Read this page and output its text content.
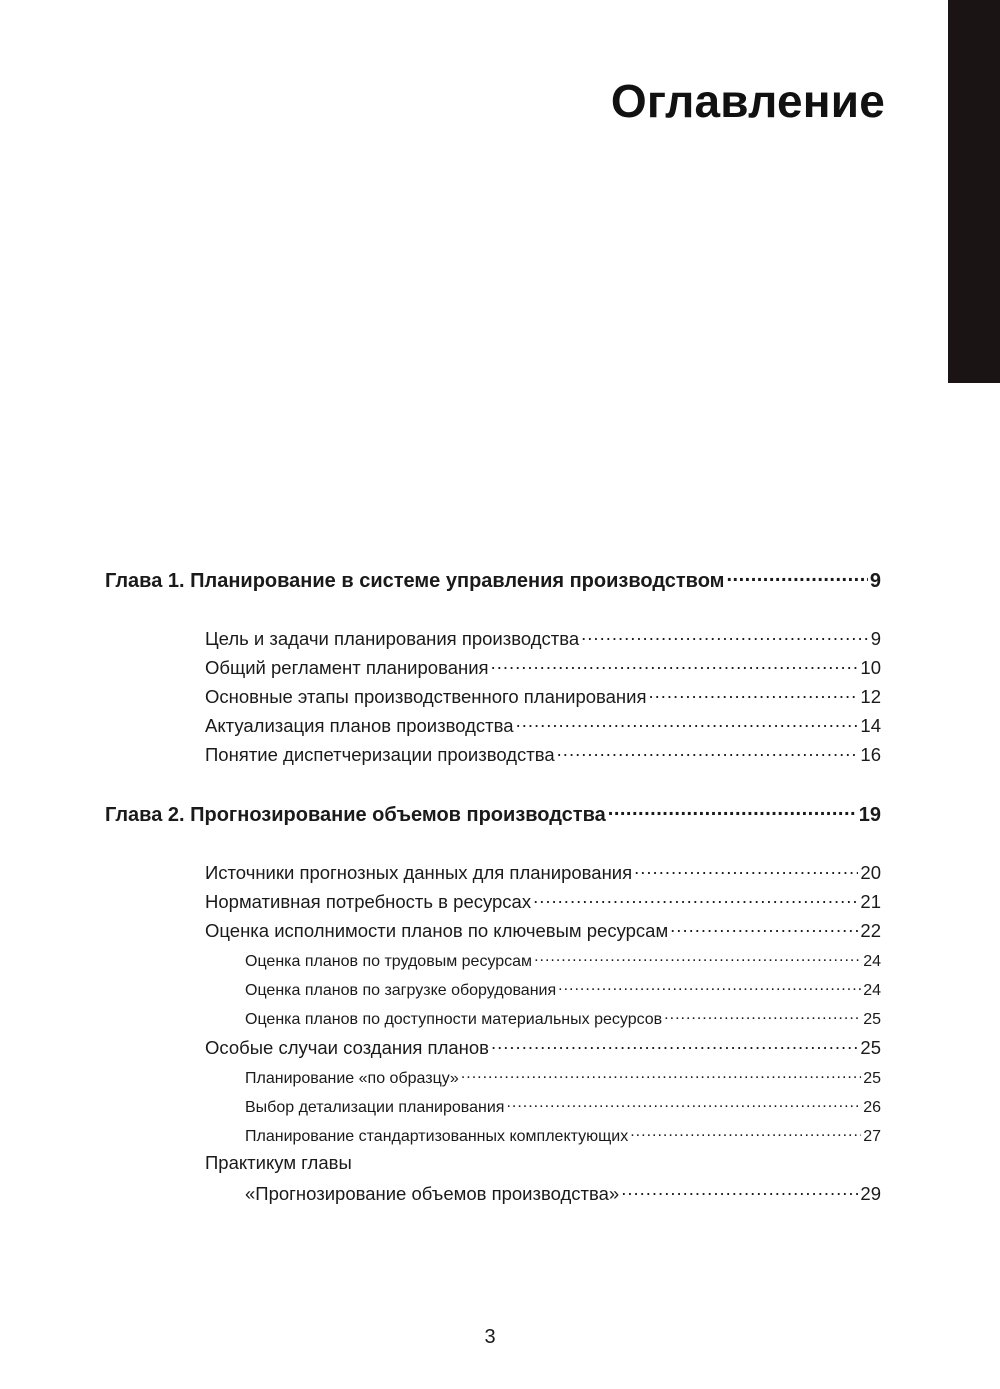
Оглавление
Глава 1. Планирование в системе управления производством .....	9
Цель и задачи планирования производства .....	9
Общий регламент планирования .....	10
Основные этапы производственного планирования .....	12
Актуализация планов производства .....	14
Понятие диспетчеризации производства .....	16
Глава 2. Прогнозирование объемов производства .....	19
Источники прогнозных данных для планирования .....	20
Нормативная потребность в ресурсах .....	21
Оценка исполнимости планов по ключевым ресурсам .....	22
Оценка планов по трудовым ресурсам .....	24
Оценка планов по загрузке оборудования .....	24
Оценка планов по доступности материальных ресурсов .....	25
Особые случаи создания планов .....	25
Планирование «по образцу» .....	25
Выбор детализации планирования .....	26
Планирование стандартизованных комплектующих .....	27
Практикум главы
«Прогнозирование объемов производства» .....	29
3
